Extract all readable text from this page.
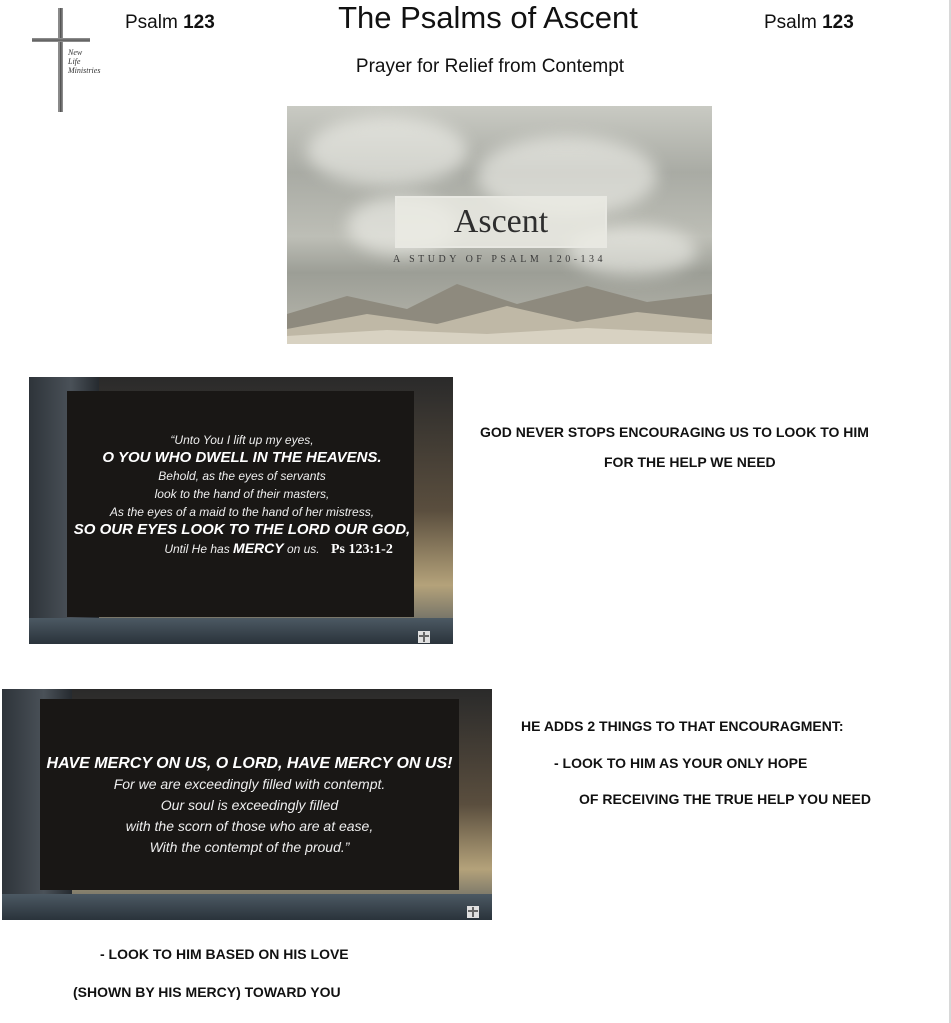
New
Life
Ministries
Psalm 123	The Psalms of Ascent	Psalm 123
Prayer for Relief from Contempt
Ascent
A STUDY OF PSALM 120-134
“Unto You I lift up my eyes,
O YOU WHO DWELL IN THE HEAVENS.
Behold, as the eyes of servants
look to the hand of their masters,
As the eyes of a maid to the hand of her mistress,
SO OUR EYES LOOK TO THE LORD OUR GOD,
Until He has MERCY on us. Ps 123:1-2
HAVE MERCY ON US, O LORD, HAVE MERCY ON US!
For we are exceedingly filled with contempt.
Our soul is exceedingly filled
with the scorn of those who are at ease,
With the contempt of the proud.”
GOD NEVER STOPS ENCOURAGING US TO LOOK TO HIM
FOR THE HELP WE NEED
HE ADDS 2 THINGS TO THAT ENCOURAGMENT:
- LOOK TO HIM AS YOUR ONLY HOPE
OF RECEIVING THE TRUE HELP YOU NEED
- LOOK TO HIM BASED ON HIS LOVE
(SHOWN BY HIS MERCY) TOWARD YOU
